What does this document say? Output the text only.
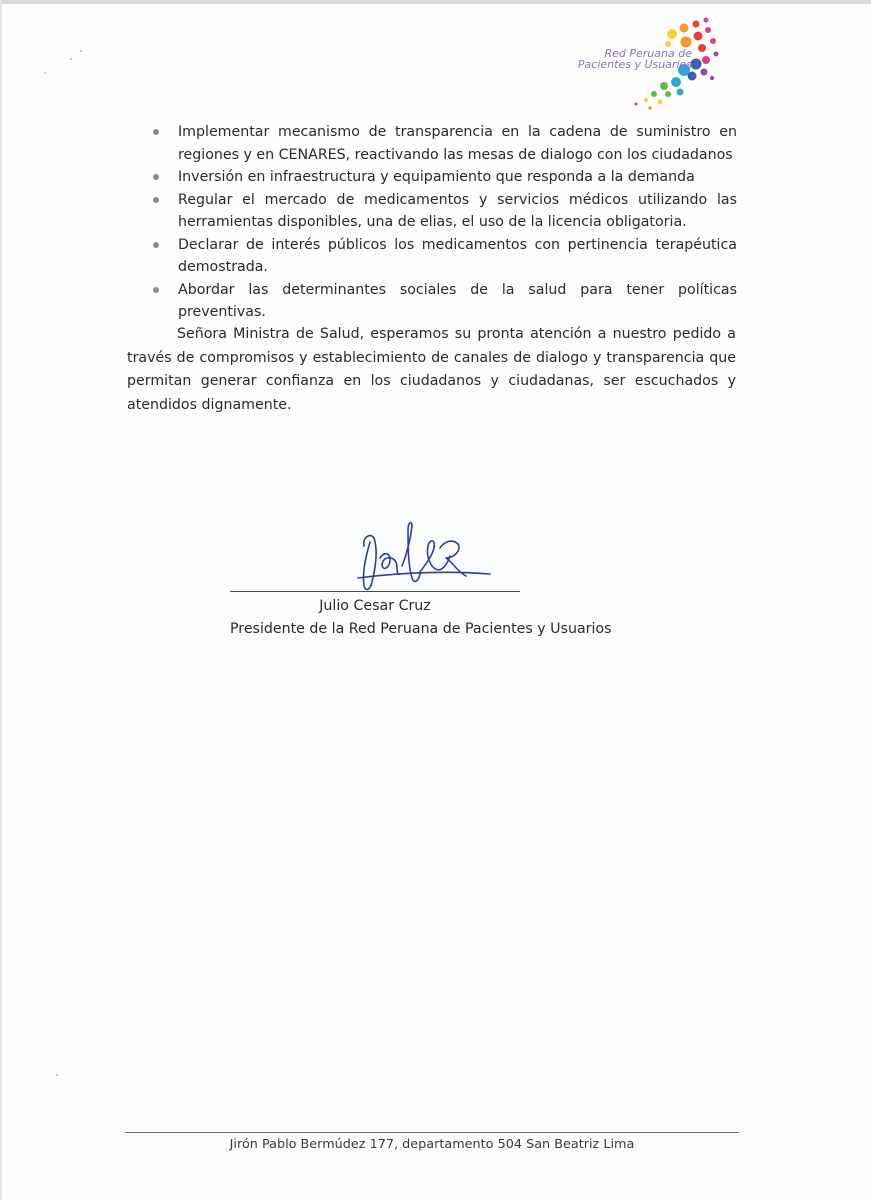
Red Peruana de
Pacientes y Usuarios
Implementar mecanismo de transparencia en la cadena de suministro en regiones y en CENARES, reactivando las mesas de dialogo con los ciudadanos
Inversión en infraestructura y equipamiento que responda a la demanda
Regular el mercado de medicamentos y servicios médicos utilizando las herramientas disponibles, una de elias, el uso de la licencia obligatoria.
Declarar de interés públicos los medicamentos con pertinencia terapéutica demostrada.
Abordar las determinantes sociales de la salud para tener políticas preventivas.

Señora Ministra de Salud, esperamos su pronta atención a nuestro pedido a través de compromisos y establecimiento de canales de dialogo y transparencia que permitan generar confianza en los ciudadanos y ciudadanas, ser escuchados y atendidos dignamente.

Julio Cesar Cruz
Presidente de la Red Peruana de Pacientes y Usuarios
Jirón Pablo Bermúdez 177, departamento 504 San Beatriz Lima
